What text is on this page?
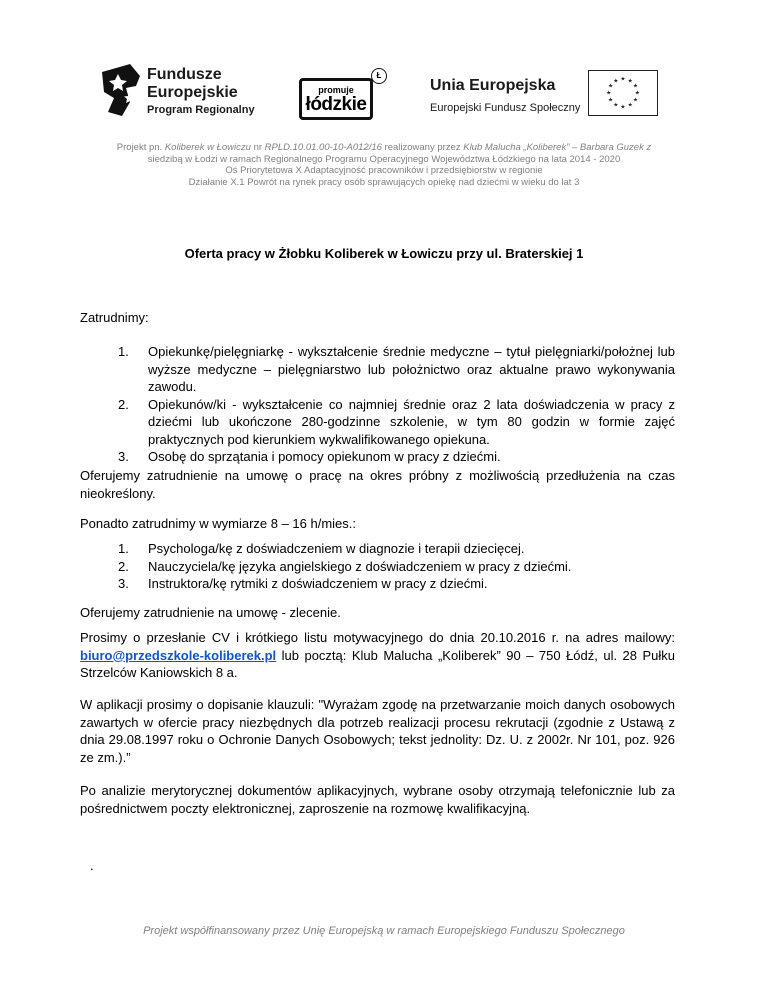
Fundusze
Europejskie
Program Regionalny
promuje
łódzkie
Ł
Unia Europejska
Europejski Fundusz Społeczny
★ ★
★
★
★
★
★
★
★
★
★
★
Projekt pn. Koliberek w Łowiczu nr RPLD.10.01.00-10-A012/16 realizowany przez Klub Malucha „Koliberek” – Barbara Guzek z
siedzibą w Łodzi w ramach Regionalnego Programu Operacyjnego Województwa Łódzkiego na lata 2014 - 2020
Oś Priorytetowa X Adaptacyjność pracowników i przedsiębiorstw w regionie
Działanie X.1 Powrót na rynek pracy osób sprawujących opiekę nad dziećmi w wieku do lat 3
Oferta pracy w Żłobku Koliberek w Łowiczu przy ul. Braterskiej 1
Zatrudnimy:
1. Opiekunkę/pielęgniarkę - wykształcenie średnie medyczne – tytuł pielęgniarki/położnej lub wyższe medyczne – pielęgniarstwo lub położnictwo oraz aktualne prawo wykonywania zawodu.
2. Opiekunów/ki - wykształcenie co najmniej średnie oraz 2 lata doświadczenia w pracy z dziećmi lub ukończone 280-godzinne szkolenie, w tym 80 godzin w formie zajęć praktycznych pod kierunkiem wykwalifikowanego opiekuna.
3. Osobę do sprzątania i pomocy opiekunom w pracy z dziećmi.
Oferujemy zatrudnienie na umowę o pracę na okres próbny z możliwością przedłużenia na czas nieokreślony.
Ponadto zatrudnimy w wymiarze 8 – 16 h/mies.:
1. Psychologa/kę z doświadczeniem w diagnozie i terapii dziecięcej.
2. Nauczyciela/kę języka angielskiego z doświadczeniem w pracy z dziećmi.
3. Instruktora/kę rytmiki z doświadczeniem w pracy z dziećmi.
Oferujemy zatrudnienie na umowę - zlecenie.
Prosimy o przesłanie CV i krótkiego listu motywacyjnego do dnia 20.10.2016 r. na adres mailowy: biuro@przedszkole-koliberek.pl lub pocztą: Klub Malucha „Koliberek” 90 – 750 Łódź, ul. 28 Pułku Strzelców Kaniowskich 8 a.
W aplikacji prosimy o dopisanie klauzuli: "Wyrażam zgodę na przetwarzanie moich danych osobowych zawartych w ofercie pracy niezbędnych dla potrzeb realizacji procesu rekrutacji (zgodnie z Ustawą z dnia 29.08.1997 roku o Ochronie Danych Osobowych; tekst jednolity: Dz. U. z 2002r. Nr 101, poz. 926 ze zm.).”
Po analizie merytorycznej dokumentów aplikacyjnych, wybrane osoby otrzymają telefonicznie lub za pośrednictwem poczty elektronicznej, zaproszenie na rozmowę kwalifikacyjną.
.
Projekt współfinansowany przez Unię Europejską w ramach Europejskiego Funduszu Społecznego
